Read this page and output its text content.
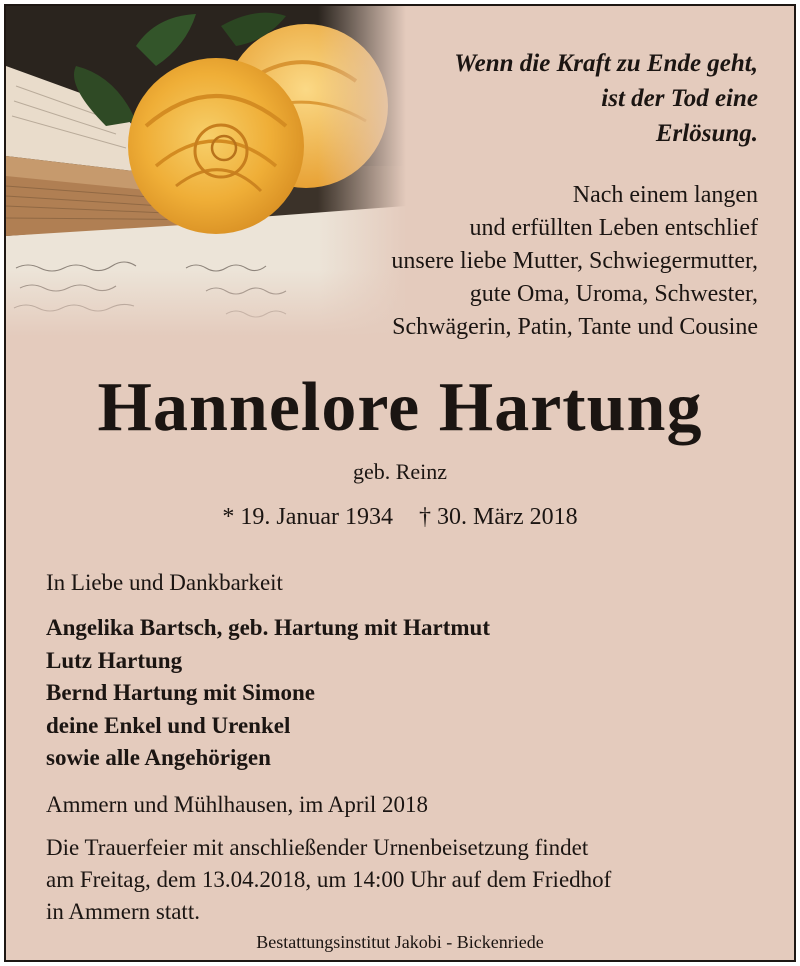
Wenn die Kraft zu Ende geht,
ist der Tod eine
Erlösung.
Nach einem langen
und erfüllten Leben entschlief
unsere liebe Mutter, Schwiegermutter,
gute Oma, Uroma, Schwester,
Schwägerin, Patin, Tante und Cousine
Hannelore Hartung
geb. Reinz
* 19. Januar 1934 † 30. März 2018
In Liebe und Dankbarkeit
Angelika Bartsch, geb. Hartung mit Hartmut
Lutz Hartung
Bernd Hartung mit Simone
deine Enkel und Urenkel
sowie alle Angehörigen
Ammern und Mühlhausen, im April 2018
Die Trauerfeier mit anschließender Urnenbeisetzung findet
am Freitag, dem 13.04.2018, um 14:00 Uhr auf dem Friedhof
in Ammern statt.
Bestattungsinstitut Jakobi - Bickenriede
